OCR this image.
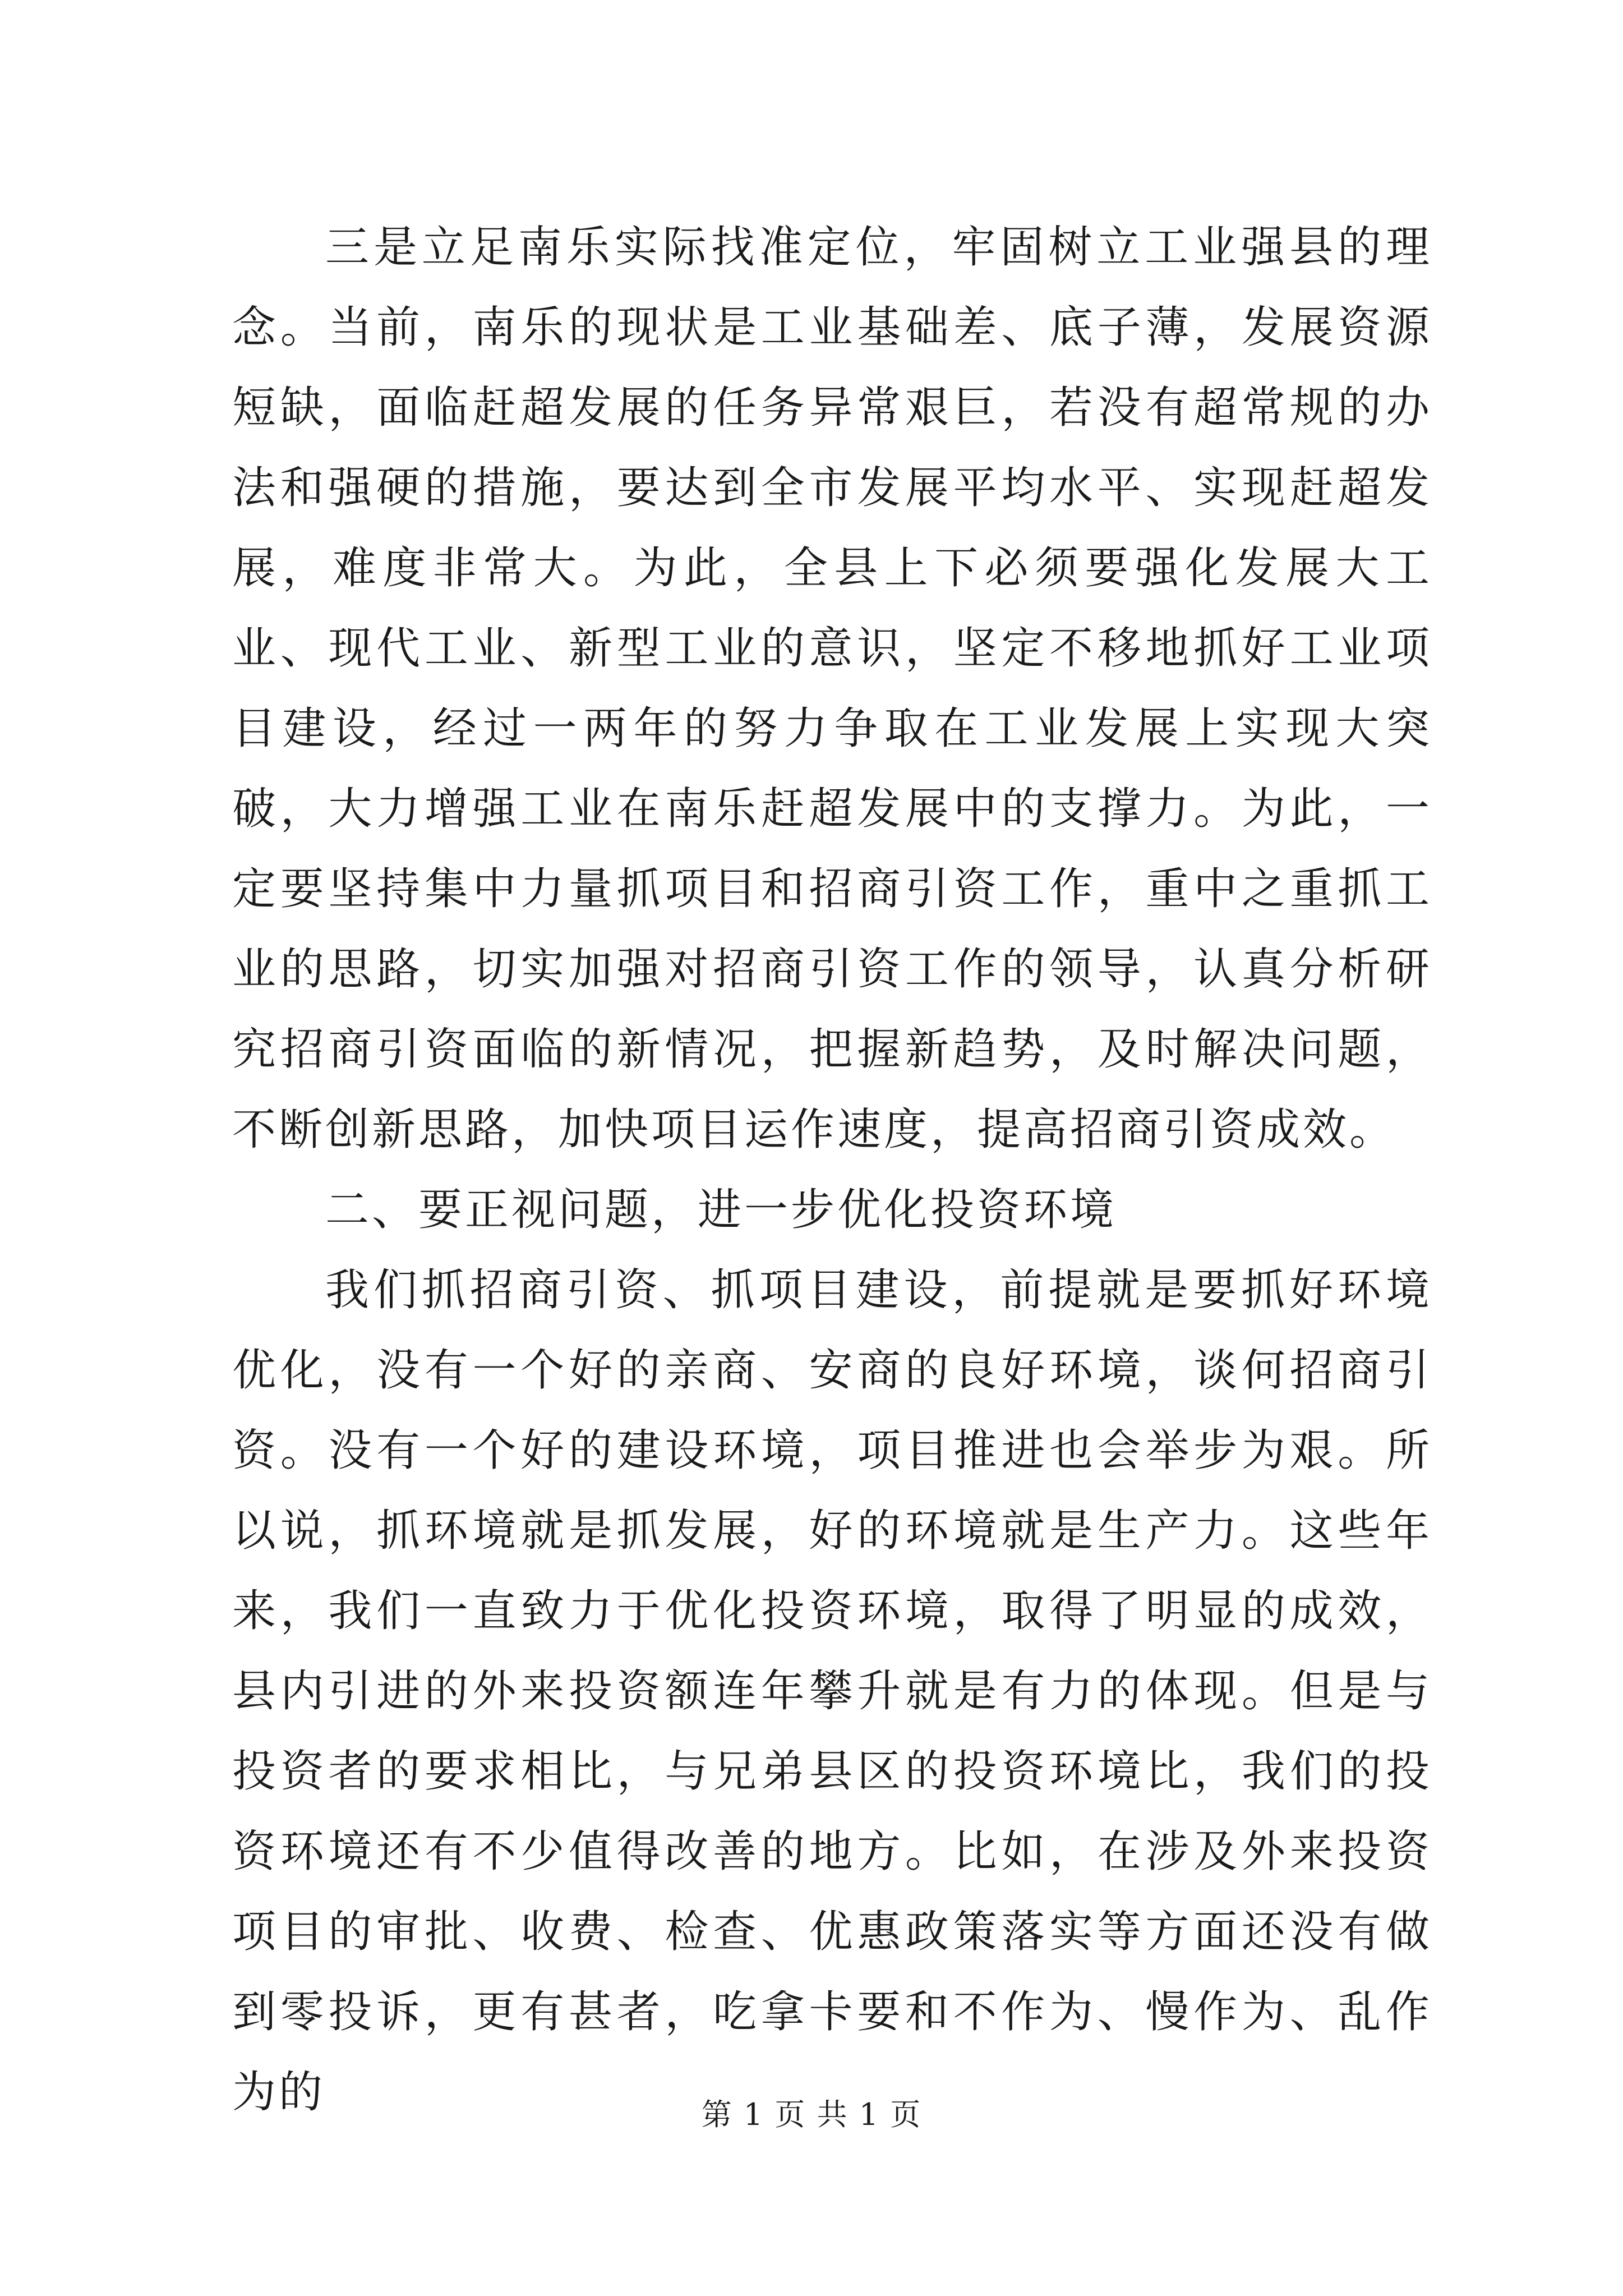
三是立足南乐实际找准定位，牢固树立工业强县的理念。当前，南乐的现状是工业基础差、底子薄，发展资源短缺，面临赶超发展的任务异常艰巨，若没有超常规的办法和强硬的措施，要达到全市发展平均水平、实现赶超发展，难度非常大。为此，全县上下必须要强化发展大工业、现代工业、新型工业的意识，坚定不移地抓好工业项目建设，经过一两年的努力争取在工业发展上实现大突破，大力增强工业在南乐赶超发展中的支撑力。为此，一定要坚持集中力量抓项目和招商引资工作，重中之重抓工业的思路，切实加强对招商引资工作的领导，认真分析研究招商引资面临的新情况，把握新趋势，及时解决问题，不断创新思路，加快项目运作速度，提高招商引资成效。

二、要正视问题，进一步优化投资环境

我们抓招商引资、抓项目建设，前提就是要抓好环境优化，没有一个好的亲商、安商的良好环境，谈何招商引资。没有一个好的建设环境，项目推进也会举步为艰。所以说，抓环境就是抓发展，好的环境就是生产力。这些年来，我们一直致力于优化投资环境，取得了明显的成效，县内引进的外来投资额连年攀升就是有力的体现。但是与投资者的要求相比，与兄弟县区的投资环境比，我们的投资环境还有不少值得改善的地方。比如，在涉及外来投资项目的审批、收费、检查、优惠政策落实等方面还没有做到零投诉，更有甚者，吃拿卡要和不作为、慢作为、乱作为的	第 1 页 共 1 页
